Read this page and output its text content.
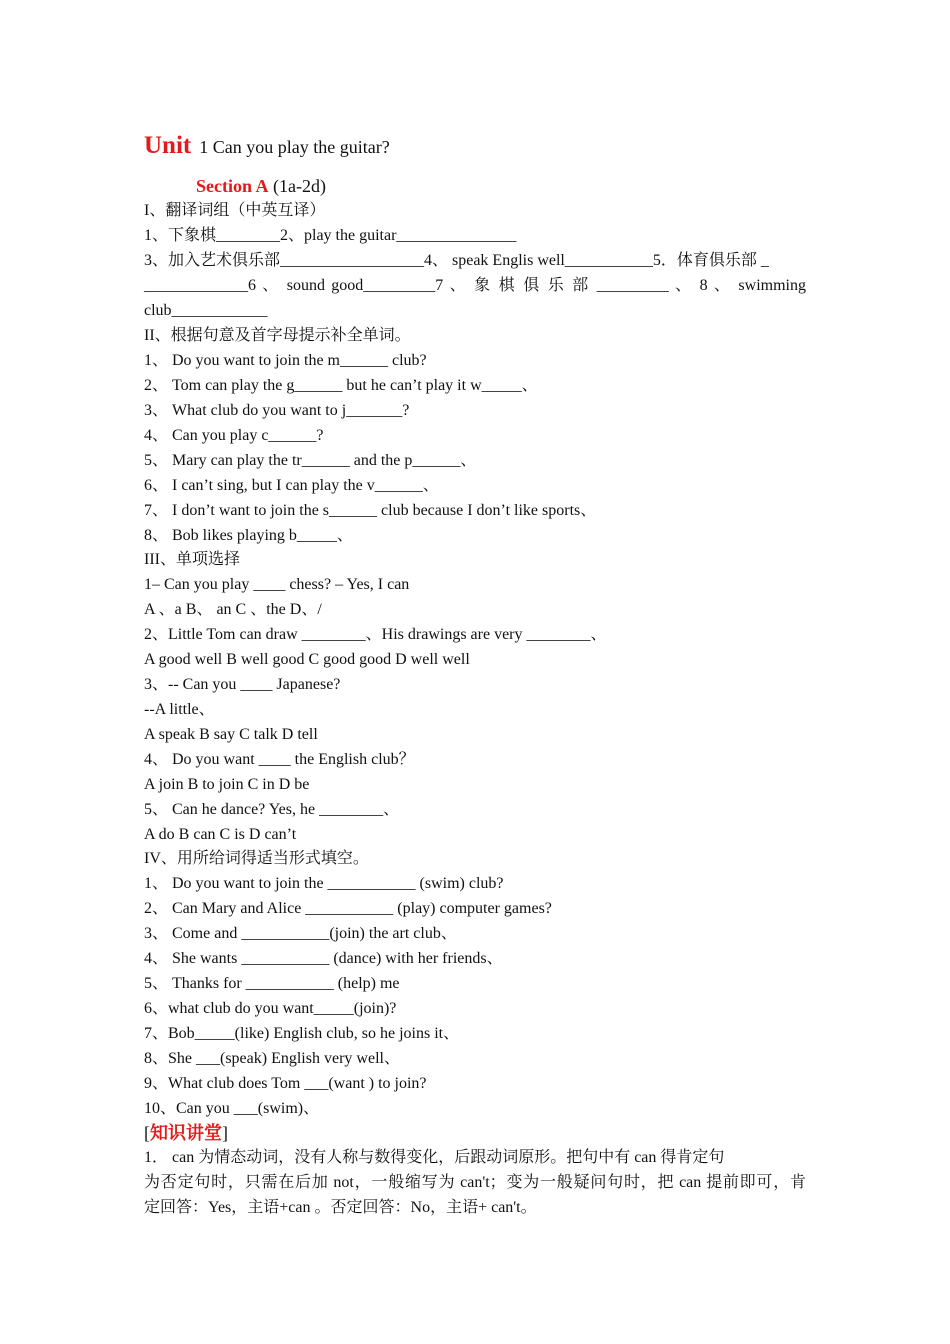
Unit 1 Can you play the guitar?
Section A (1a-2d)
I、翻译词组（中英互译）
1、下象棋________2、play the guitar_______________
3、加入艺术俱乐部__________________4、 speak Englis well___________5．体育俱乐部 _
_____________6 、 sound good_________7 、 象 棋 俱 乐 部 _________ 、 8 、 swimming
club____________
II、根据句意及首字母提示补全单词。
1、 Do you want to join the m______ club?
2、 Tom can play the g______ but he can’t play it w_____、
3、 What club do you want to j_______?
4、 Can you play c______?
5、 Mary can play the tr______ and the p______、
6、 I can’t sing, but I can play the v______、
7、 I don’t want to join the s______ club because I don’t like sports、
8、 Bob likes playing b_____、
III、单项选择
1– Can you play ____ chess? – Yes, I can
A 、a B、 an C 、the D、/
2、Little Tom can draw ________、His drawings are very ________、
A good well B well good C good good D well well
3、-- Can you ____ Japanese?
--A little、
A speak B say C talk D tell
4、 Do you want ____ the English club？
A join B to join C in D be
5、 Can he dance? Yes, he ________、
A do B can C is D can’t
IV、用所给词得适当形式填空。
1、 Do you want to join the ___________ (swim) club?
2、 Can Mary and Alice ___________ (play) computer games?
3、 Come and ___________(join) the art club、
4、 She wants ___________ (dance) with her friends、
5、 Thanks for ___________ (help) me
6、what club do you want_____(join)?
7、Bob_____(like) English club, so he joins it、
8、She ___(speak) English very well、
9、What club does Tom ___(want ) to join?
10、Can you ___(swim)、
[知识讲堂]
1． can 为情态动词，没有人称与数得变化，后跟动词原形。把句中有 can 得肯定句
为否定句时，只需在后加 not，一般缩写为 can't；变为一般疑问句时，把 can 提前即可，肯
定回答：Yes，主语+can 。否定回答：No，主语+ can't。
